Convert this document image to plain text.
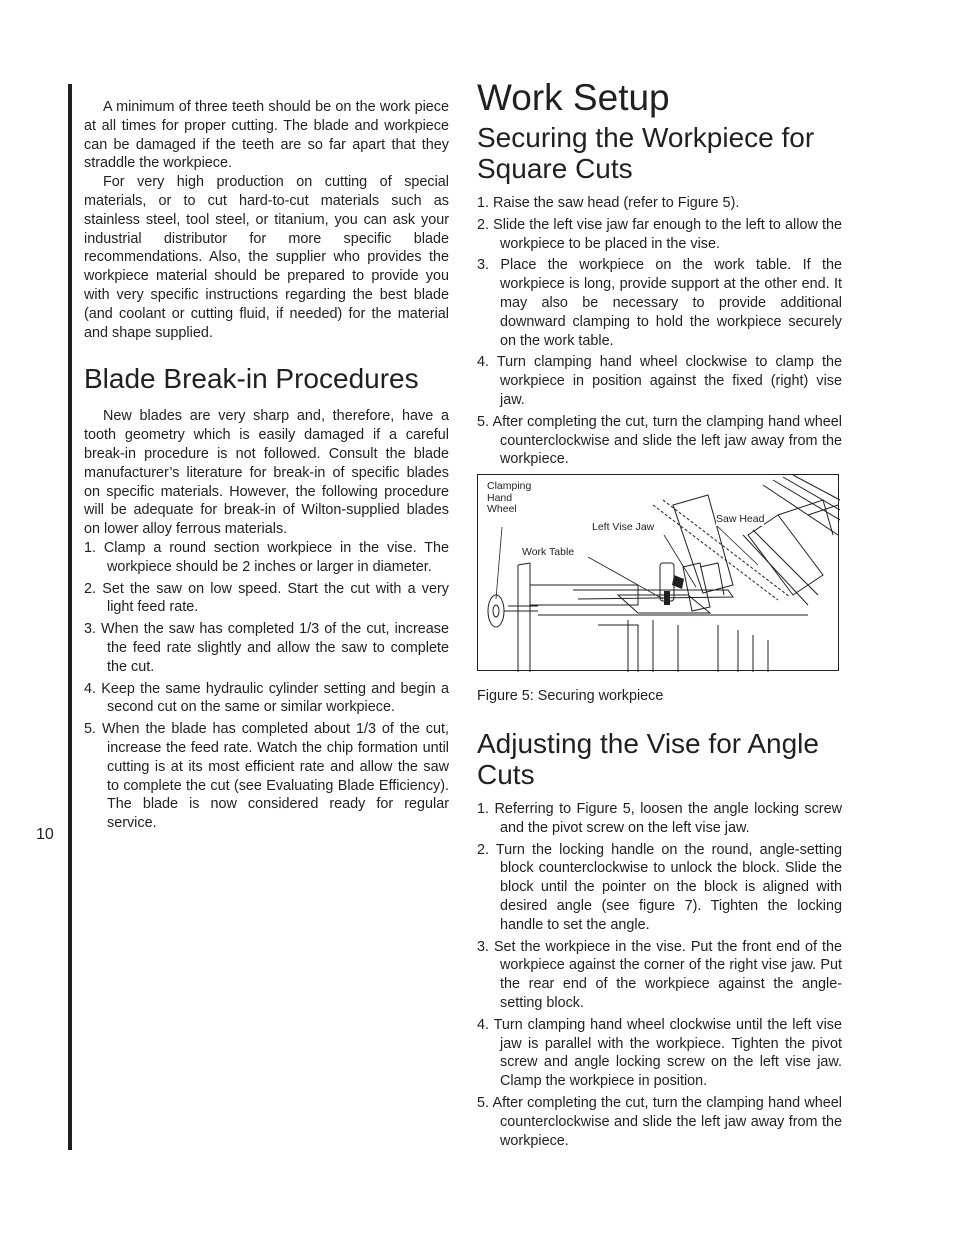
10

A minimum of three teeth should be on the work piece at all times for proper cutting. The blade and workpiece can be damaged if the teeth are so far apart that they straddle the workpiece.

For very high production on cutting of special materials, or to cut hard-to-cut materials such as stainless steel, tool steel, or titanium, you can ask your industrial distributor for more specific blade recommendations. Also, the supplier who provides the workpiece material should be prepared to provide you with very specific instructions regarding the best blade (and coolant or cutting fluid, if needed) for the material and shape supplied.

Blade Break-in Procedures

New blades are very sharp and, therefore, have a tooth geometry which is easily damaged if a careful break-in procedure is not followed. Consult the blade manufacturer’s literature for break-in of specific blades on specific materials. However, the following procedure will be adequate for break-in of Wilton-supplied blades on lower alloy ferrous materials.

1. Clamp a round section workpiece in the vise. The workpiece should be 2 inches or larger in diameter.
2. Set the saw on low speed. Start the cut with a very light feed rate.
3. When the saw has completed 1/3 of the cut, increase the feed rate slightly and allow the saw to complete the cut.
4. Keep the same hydraulic cylinder setting and begin a second cut on the same or similar workpiece.
5. When the blade has completed about 1/3 of the cut, increase the feed rate. Watch the chip formation until cutting is at its most efficient rate and allow the saw to complete the cut (see Evaluating Blade Efficiency). The blade is now considered ready for regular service.
Work Setup
Securing the Workpiece for Square Cuts
1. Raise the saw head (refer to Figure 5).
2. Slide the left vise jaw far enough to the left to allow the workpiece to be placed in the vise.
3. Place the workpiece on the work table. If the workpiece is long, provide support at the other end. It may also be necessary to provide additional downward clamping to hold the workpiece securely on the work table.
4. Turn clamping hand wheel clockwise to clamp the workpiece in position against the fixed (right) vise jaw.
5. After completing the cut, turn the clamping hand wheel counterclockwise and slide the left jaw away from the workpiece.
Clamping
Hand
Wheel
Left Vise Jaw
Saw Head
Work Table
Figure 5: Securing workpiece
Adjusting the Vise for Angle Cuts
1. Referring to Figure 5, loosen the angle locking screw and the pivot screw on the left vise jaw.
2. Turn the locking handle on the round, angle-setting block counterclockwise to unlock the block. Slide the block until the pointer on the block is aligned with desired angle (see figure 7). Tighten the locking handle to set the angle.
3. Set the workpiece in the vise. Put the front end of the workpiece against the corner of the right vise jaw. Put the rear end of the workpiece against the angle-setting block.
4. Turn clamping hand wheel clockwise until the left vise jaw is parallel with the workpiece. Tighten the pivot screw and angle locking screw on the left vise jaw. Clamp the workpiece in position.
5. After completing the cut, turn the clamping hand wheel counterclockwise and slide the left jaw away from the workpiece.
